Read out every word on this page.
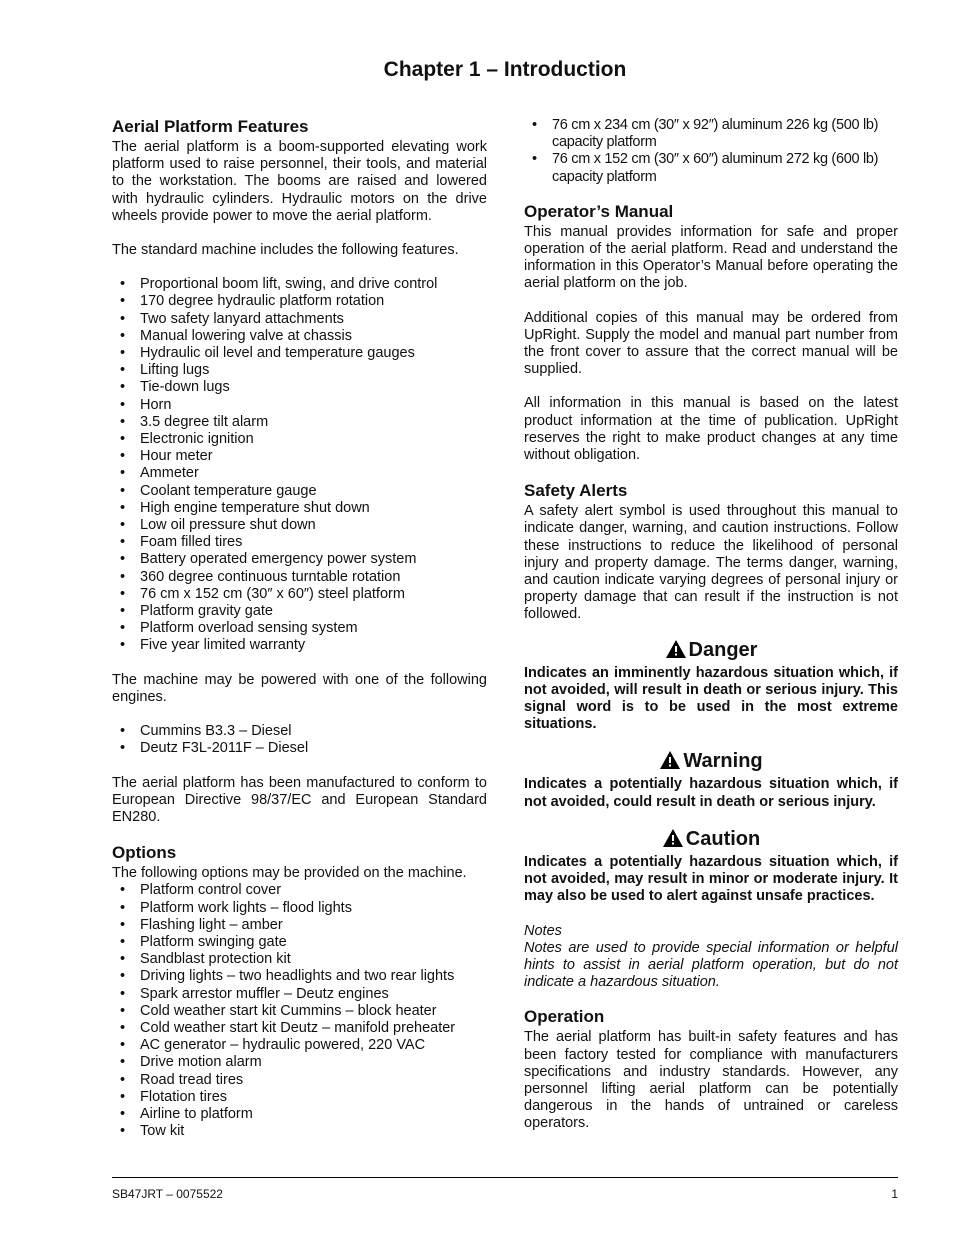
Chapter 1 – Introduction
Aerial Platform Features

The aerial platform is a boom-supported elevating work platform used to raise personnel, their tools, and material to the workstation. The booms are raised and lowered with hydraulic cylinders. Hydraulic motors on the drive wheels provide power to move the aerial platform.

The standard machine includes the following features.

• Proportional boom lift, swing, and drive control
• 170 degree hydraulic platform rotation
• Two safety lanyard attachments
• Manual lowering valve at chassis
• Hydraulic oil level and temperature gauges
• Lifting lugs
• Tie-down lugs
• Horn
• 3.5 degree tilt alarm
• Electronic ignition
• Hour meter
• Ammeter
• Coolant temperature gauge
• High engine temperature shut down
• Low oil pressure shut down
• Foam filled tires
• Battery operated emergency power system
• 360 degree continuous turntable rotation
• 76 cm x 152 cm (30″ x 60″) steel platform
• Platform gravity gate
• Platform overload sensing system
• Five year limited warranty

The machine may be powered with one of the following engines.

• Cummins B3.3 – Diesel
• Deutz F3L-2011F – Diesel

The aerial platform has been manufactured to conform to European Directive 98/37/EC and European Standard EN280.

Options

The following options may be provided on the machine.

• Platform control cover
• Platform work lights – flood lights
• Flashing light – amber
• Platform swinging gate
• Sandblast protection kit
• Driving lights – two headlights and two rear lights
• Spark arrestor muffler – Deutz engines
• Cold weather start kit Cummins – block heater
• Cold weather start kit Deutz – manifold preheater
• AC generator – hydraulic powered, 220 VAC
• Drive motion alarm
• Road tread tires
• Flotation tires
• Airline to platform
• Tow kit
• 76 cm x 234 cm (30″ x 92″) aluminum 226 kg (500 lb) capacity platform
• 76 cm x 152 cm (30″ x 60″) aluminum 272 kg (600 lb) capacity platform
Operator’s Manual

This manual provides information for safe and proper operation of the aerial platform. Read and understand the information in this Operator’s Manual before operating the aerial platform on the job.

Additional copies of this manual may be ordered from UpRight. Supply the model and manual part number from the front cover to assure that the correct manual will be supplied.

All information in this manual is based on the latest product information at the time of publication. UpRight reserves the right to make product changes at any time without obligation.

Safety Alerts

A safety alert symbol is used throughout this manual to indicate danger, warning, and caution instructions. Follow these instructions to reduce the likelihood of personal injury and property damage. The terms danger, warning, and caution indicate varying degrees of personal injury or property damage that can result if the instruction is not followed.

Danger

Indicates an imminently hazardous situation which, if not avoided, will result in death or serious injury. This signal word is to be used in the most extreme situations.

Warning

Indicates a potentially hazardous situation which, if not avoided, could result in death or serious injury.

Caution

Indicates a potentially hazardous situation which, if not avoided, may result in minor or moderate injury. It may also be used to alert against unsafe practices.

Notes

Notes are used to provide special information or helpful hints to assist in aerial platform operation, but do not indicate a hazardous situation.

Operation

The aerial platform has built-in safety features and has been factory tested for compliance with manufacturers specifications and industry standards. However, any personnel lifting aerial platform can be potentially dangerous in the hands of untrained or careless operators.

SB47JRT – 0075522	1
